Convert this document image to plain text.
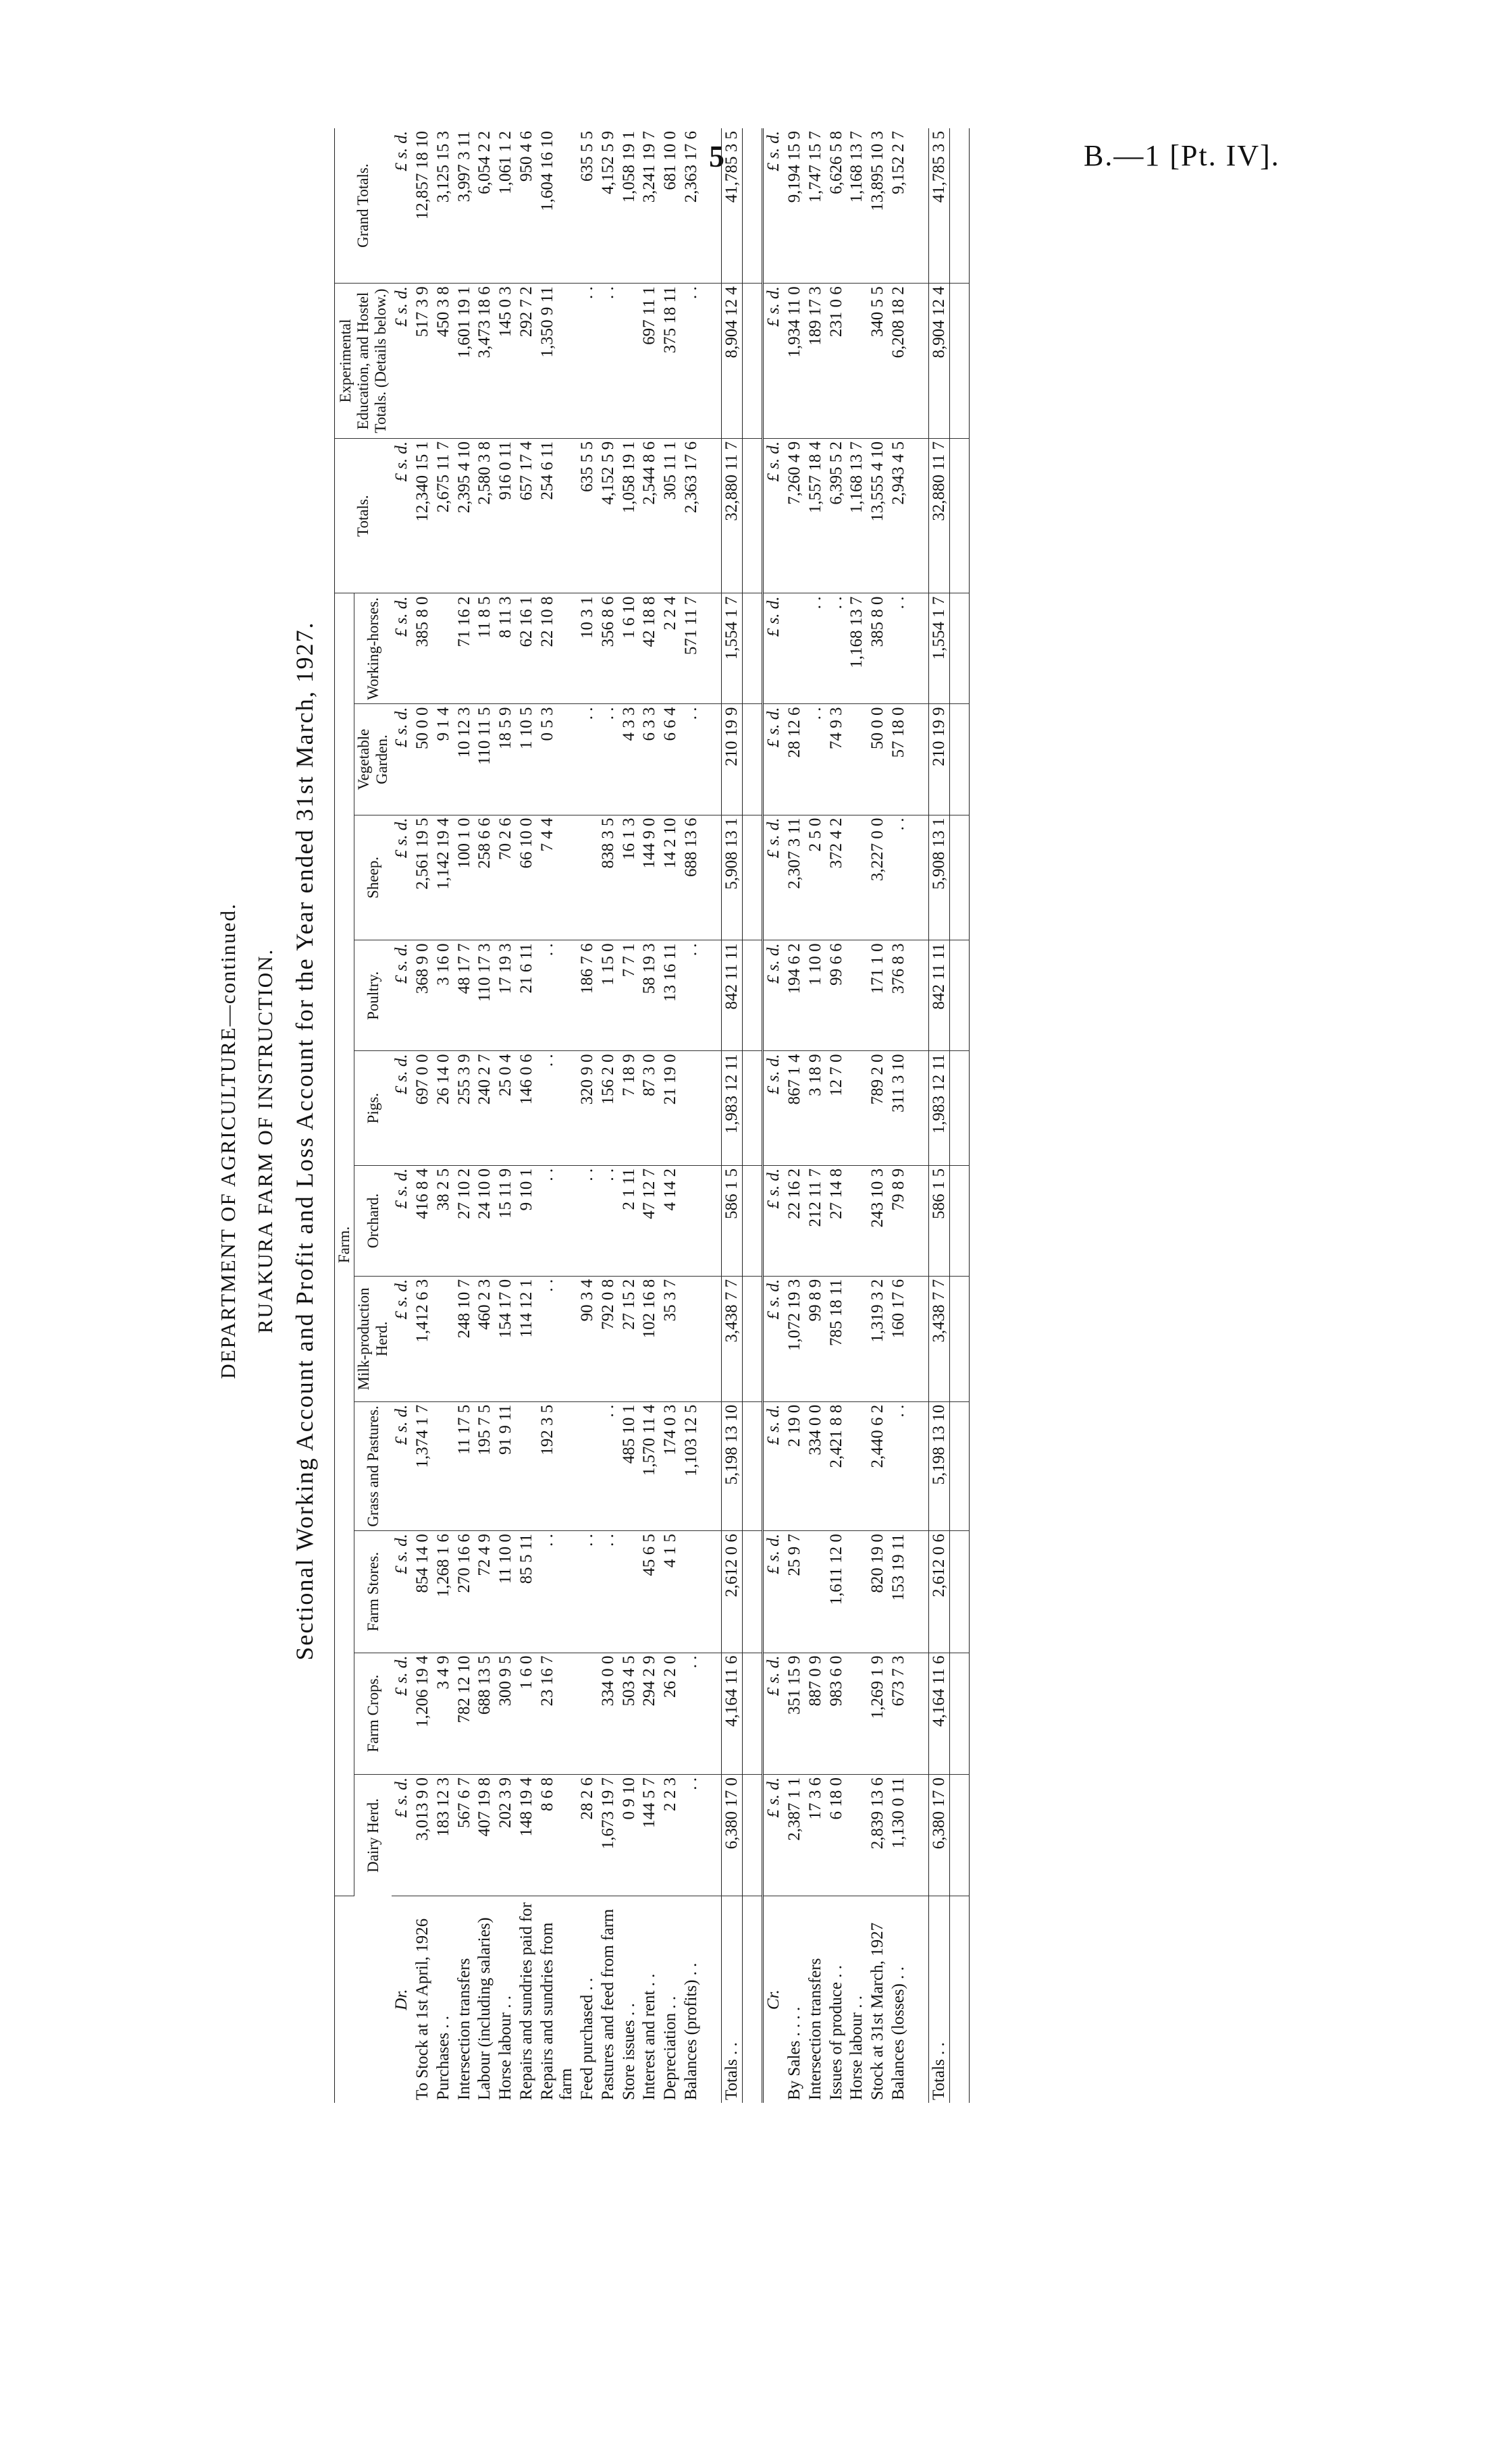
5	B.—1 [Pt. IV].
DEPARTMENT OF AGRICULTURE—continued. RUAKURA FARM OF INSTRUCTION. Sectional Working Account and Profit and Loss Account for the Year ended 31st March, 1927.
	Farm.											Totals.	Experimental Education, and Hostel Totals. (Details below.)	Grand Totals.
	Dairy Herd.	Farm Crops.	Farm Stores.	Grass and Pastures.	Milk-production Herd.	Orchard.	Pigs.	Poultry.	Sheep.	Vegetable Garden.	Working-horses.			
Dr.	£ s. d.	£ s. d.	£ s. d.	£ s. d.	£ s. d.	£ s. d.	£ s. d.	£ s. d.	£ s. d.	£ s. d.	£ s. d.	£ s. d.	£ s. d.	£ s. d.
To Stock at 1st April, 1926	3,013 9 0	1,206 19 4	854 14 0	1,374 1 7	1,412 6 3	416 8 4	697 0 0	368 9 0	2,561 19 5	50 0 0	385 8 0	12,340 15 1	517 3 9	12,857 18 10
Purchases . .	183 12 3	3 4 9	1,268 1 6			38 2 5	26 14 0	3 16 0	1,142 19 4	9 1 4		2,675 11 7	450 3 8	3,125 15 3
Intersection transfers	567 6 7	782 12 10	270 16 6	11 17 5	248 10 7	27 10 2	255 3 9	48 17 7	100 1 0	10 12 3	71 16 2	2,395 4 10	1,601 19 1	3,997 3 11
Labour (including salaries)	407 19 8	688 13 5	72 4 9	195 7 5	460 2 3	24 10 0	240 2 7	110 17 3	258 6 6	110 11 5	11 8 5	2,580 3 8	3,473 18 6	6,054 2 2
Horse labour . .	202 3 9	300 9 5	11 10 0	91 9 11	154 17 0	15 11 9	25 0 4	17 19 3	70 2 6	18 5 9	8 11 3	916 0 11	145 0 3	1,061 1 2
Repairs and sundries paid for	148 19 4	1 6 0	85 5 11		114 12 1	9 10 1	146 0 6	21 6 11	66 10 0	1 10 5	62 16 1	657 17 4	292 7 2	950 4 6
Repairs and sundries from farm	8 6 8	23 16 7	. .	192 3 5	. .	. .	. .	. .	7 4 4	0 5 3	22 10 8	254 6 11	1,350 9 11	1,604 16 10
Feed purchased . .	28 2 6		. .		90 3 4	. .	320 9 0	186 7 6		. .	10 3 1	635 5 5	. .	635 5 5
Pastures and feed from farm	1,673 19 7	334 0 0	. .	. .	792 0 8	. .	156 2 0	1 15 0	838 3 5	. .	356 8 6	4,152 5 9	. .	4,152 5 9
Store issues . .	0 9 10	503 4 5		485 10 1	27 15 2	2 1 11	7 18 9	7 7 1	16 1 3	4 3 3	1 6 10	1,058 19 1		1,058 19 1
Interest and rent . .	144 5 7	294 2 9	45 6 5	1,570 11 4	102 16 8	47 12 7	87 3 0	58 19 3	144 9 0	6 3 3	42 18 8	2,544 8 6	697 11 1	3,241 19 7
Depreciation . .	2 2 3	26 2 0	4 1 5	174 0 3	35 3 7	4 14 2	21 19 0	13 16 11	14 2 10	6 6 4	2 2 4	305 11 1	375 18 11	681 10 0
Balances (profits) . .	. .	. .		1,103 12 5				. .	688 13 6	. .	571 11 7	2,363 17 6	. .	2,363 17 6

Totals . .	6,380 17 0	4,164 11 6	2,612 0 6	5,198 13 10	3,438 7 7	586 1 5	1,983 12 11	842 11 11	5,908 13 1	210 19 9	1,554 1 7	32,880 11 7	8,904 12 4	41,785 3 5

Cr.	£ s. d.	£ s. d.	£ s. d.	£ s. d.	£ s. d.	£ s. d.	£ s. d.	£ s. d.	£ s. d.	£ s. d.	£ s. d.	£ s. d.	£ s. d.	£ s. d.
By Sales . . . .	2,387 1 1	351 15 9	25 9 7	2 19 0	1,072 19 3	22 16 2	867 1 4	194 6 2	2,307 3 11	28 12 6		7,260 4 9	1,934 11 0	9,194 15 9
Intersection transfers	17 3 6	887 0 9		334 0 0	99 8 9	212 11 7	3 18 9	1 10 0	2 5 0	. .	. .	1,557 18 4	189 17 3	1,747 15 7
Issues of produce . .	6 18 0	983 6 0	1,611 12 0	2,421 8 8	785 18 11	27 14 8	12 7 0	99 6 6	372 4 2	74 9 3	. .	6,395 5 2	231 0 6	6,626 5 8
Horse labour . .											1,168 13 7	1,168 13 7		1,168 13 7
Stock at 31st March, 1927	2,839 13 6	1,269 1 9	820 19 0	2,440 6 2	1,319 3 2	243 10 3	789 2 0	171 1 0	3,227 0 0	50 0 0	385 8 0	13,555 4 10	340 5 5	13,895 10 3
Balances (losses) . .	1,130 0 11	673 7 3	153 19 11	. .	160 17 6	79 8 9	311 3 10	376 8 3	. .	57 18 0	. .	2,943 4 5	6,208 18 2	9,152 2 7

Totals . .	6,380 17 0	4,164 11 6	2,612 0 6	5,198 13 10	3,438 7 7	586 1 5	1,983 12 11	842 11 11	5,908 13 1	210 19 9	1,554 1 7	32,880 11 7	8,904 12 4	41,785 3 5
